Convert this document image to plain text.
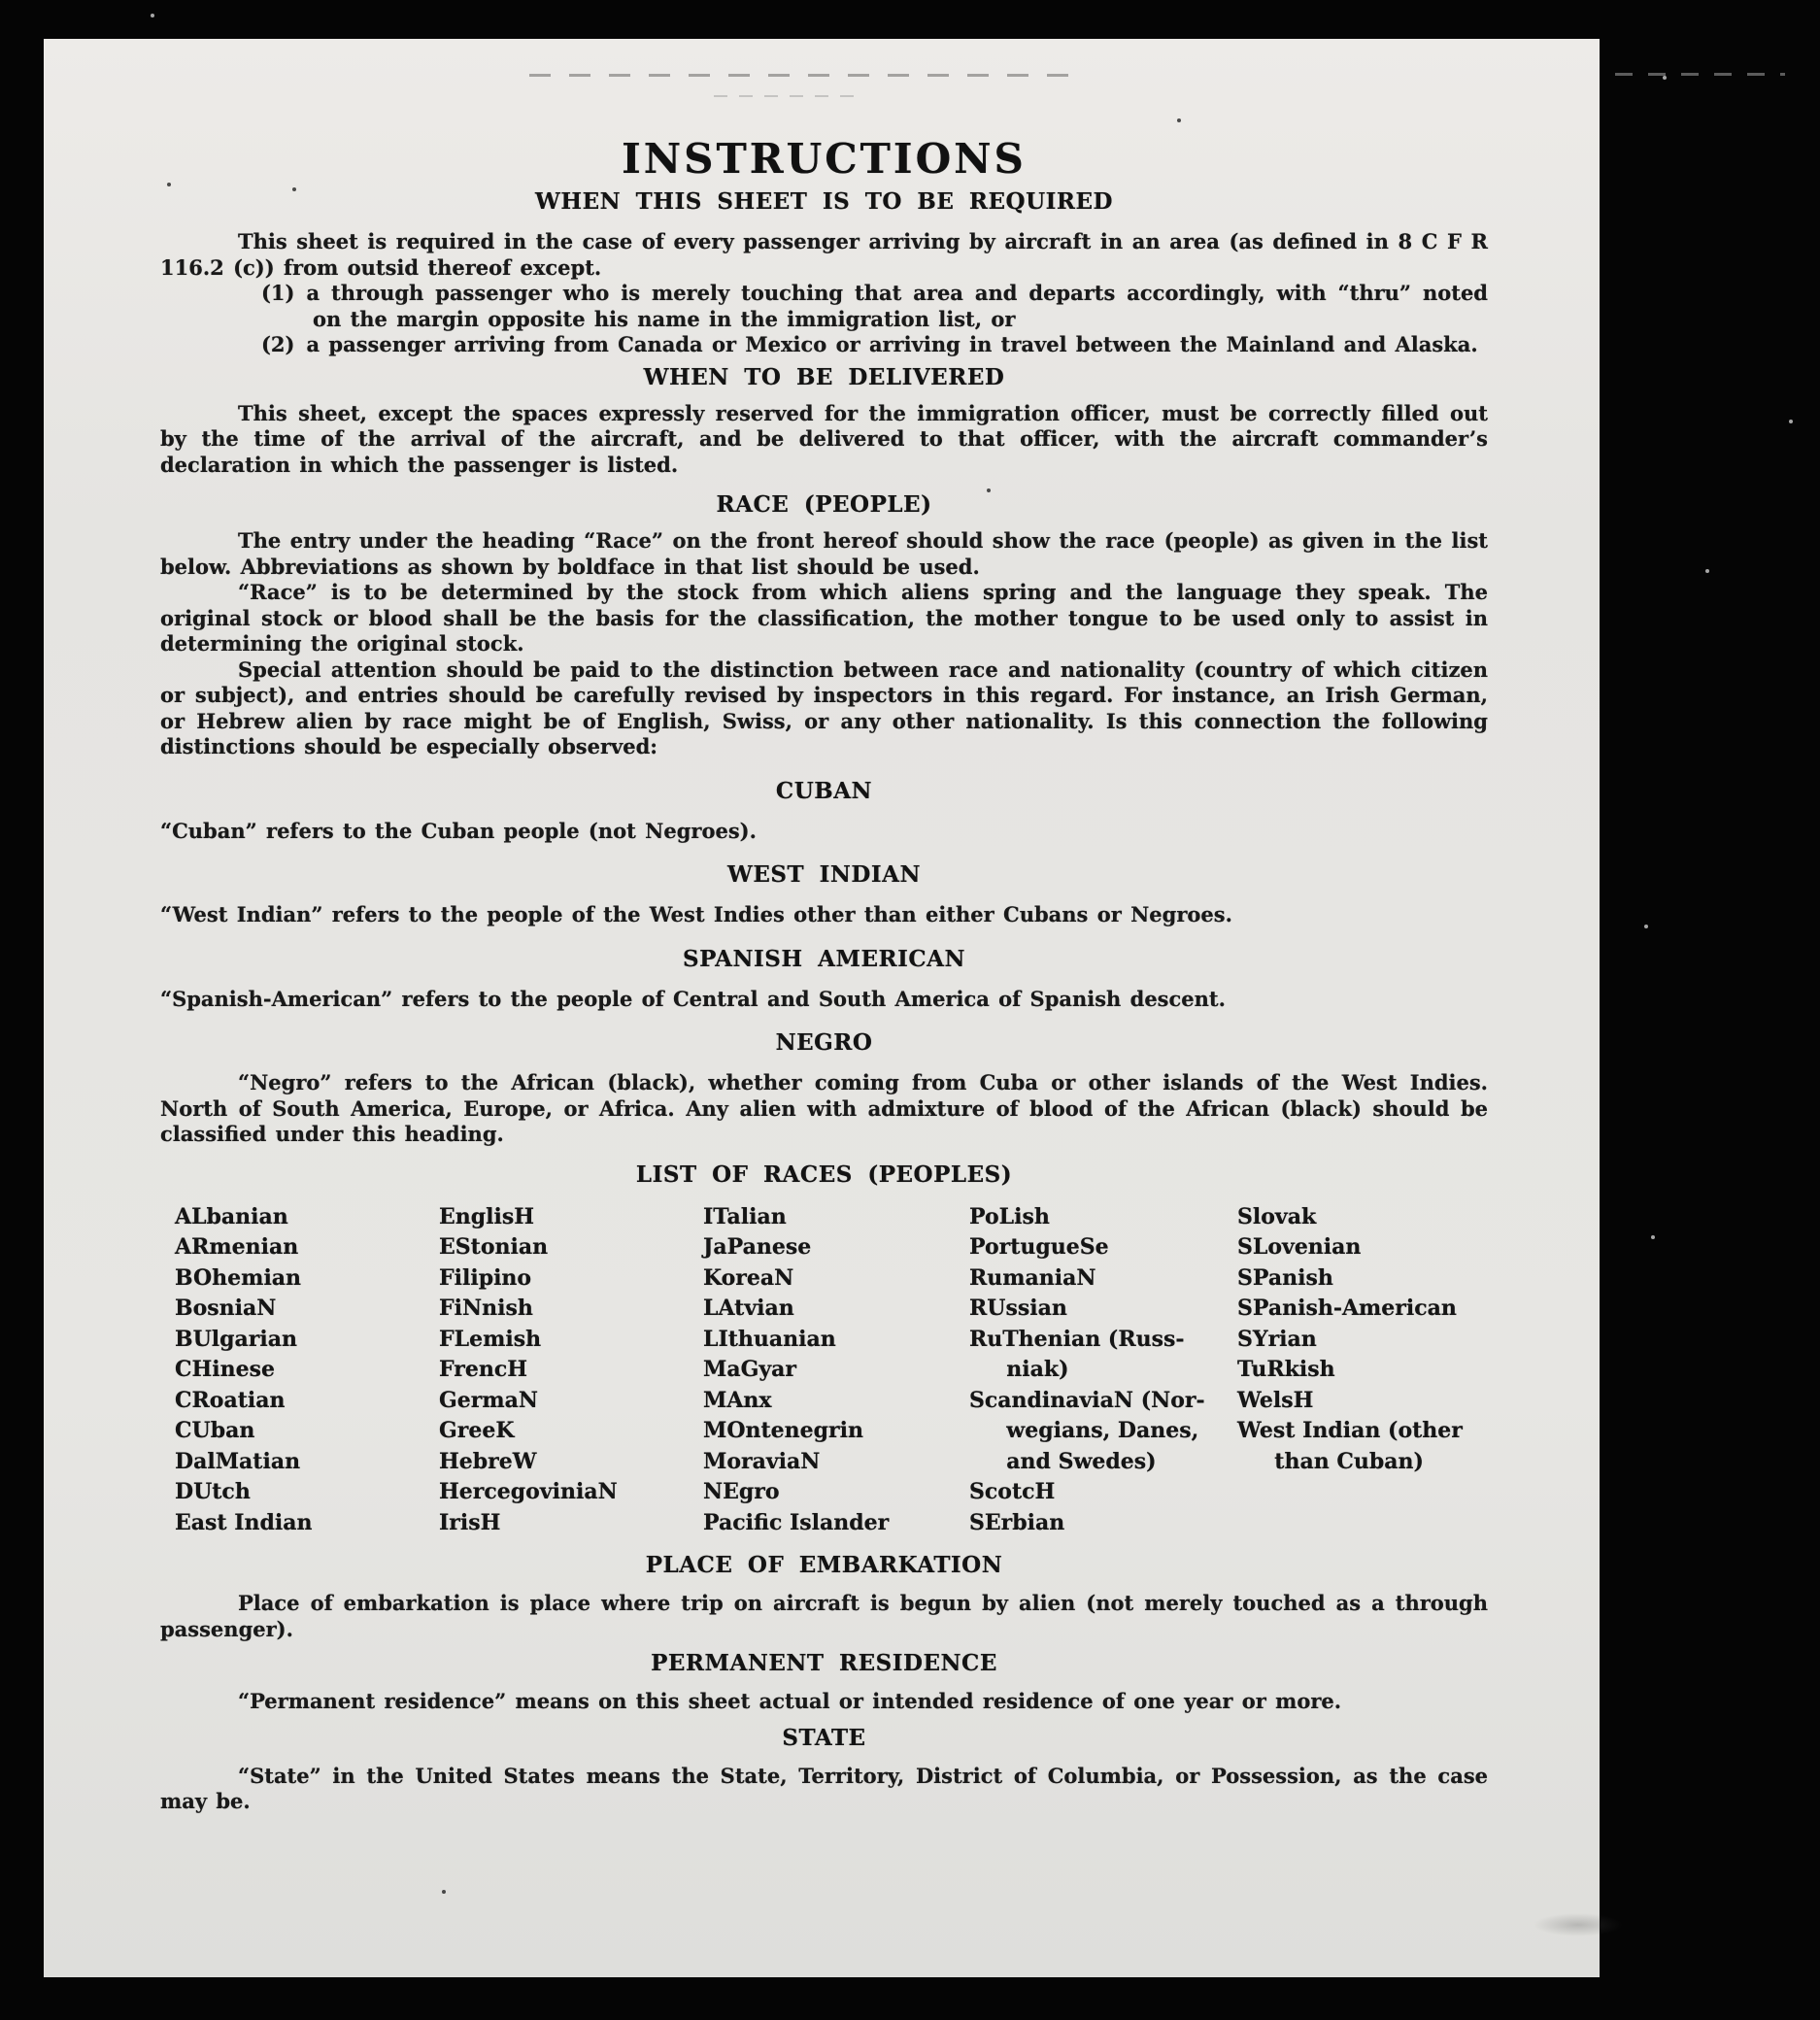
INSTRUCTIONS
WHEN THIS SHEET IS TO BE REQUIRED

This sheet is required in the case of every passenger arriving by aircraft in an area (as defined in 8 C F R 116.2 (c)) from outsid thereof except.

(1) a through passenger who is merely touching that area and departs accordingly, with “thru” noted on the margin opposite his name in the immigration list, or
(2) a passenger arriving from Canada or Mexico or arriving in travel between the Mainland and Alaska.
WHEN TO BE DELIVERED

This sheet, except the spaces expressly reserved for the immigration officer, must be correctly filled out by the time of the arrival of the aircraft, and be delivered to that officer, with the aircraft commander’s declaration in which the passenger is listed.

RACE (PEOPLE)

The entry under the heading “Race” on the front hereof should show the race (people) as given in the list below. Abbreviations as shown by boldface in that list should be used.

“Race” is to be determined by the stock from which aliens spring and the language they speak. The original stock or blood shall be the basis for the classification, the mother tongue to be used only to assist in determining the original stock.

Special attention should be paid to the distinction between race and nationality (country of which citizen or subject), and entries should be carefully revised by inspectors in this regard. For instance, an Irish German, or Hebrew alien by race might be of English, Swiss, or any other nationality. Is this connection the following distinctions should be especially observed:

CUBAN

“Cuban” refers to the Cuban people (not Negroes).

WEST INDIAN

“West Indian” refers to the people of the West Indies other than either Cubans or Negroes.

SPANISH AMERICAN

“Spanish-American” refers to the people of Central and South America of Spanish descent.

NEGRO

“Negro” refers to the African (black), whether coming from Cuba or other islands of the West Indies. North of South America, Europe, or Africa. Any alien with admixture of blood of the African (black) should be classified under this heading.

LIST OF RACES (PEOPLES)
ALbanian
ARmenian
BOhemian
BosniaN
BUlgarian
CHinese
CRoatian
CUban
DalMatian
DUtch
East Indian
EnglisH
EStonian
Filipino
FiNnish
FLemish
FrencH
GermaN
GreeK
HebreW
HercegoviniaN
IrisH
ITalian
JaPanese
KoreaN
LAtvian
LIthuanian
MaGyar
MAnx
MOntenegrin
MoraviaN
NEgro
Pacific Islander
PoLish
PortugueSe
RumaniaN
RUssian
RuThenian (Russ-
niak)
ScandinaviaN (Nor-
wegians, Danes,
and Swedes)
ScotcH
SErbian
Slovak
SLovenian
SPanish
SPanish-American
SYrian
TuRkish
WelsH
West Indian (other
than Cuban)
PLACE OF EMBARKATION

Place of embarkation is place where trip on aircraft is begun by alien (not merely touched as a through passenger).

PERMANENT RESIDENCE

“Permanent residence” means on this sheet actual or intended residence of one year or more.

STATE

“State” in the United States means the State, Territory, District of Columbia, or Possession, as the case may be.
